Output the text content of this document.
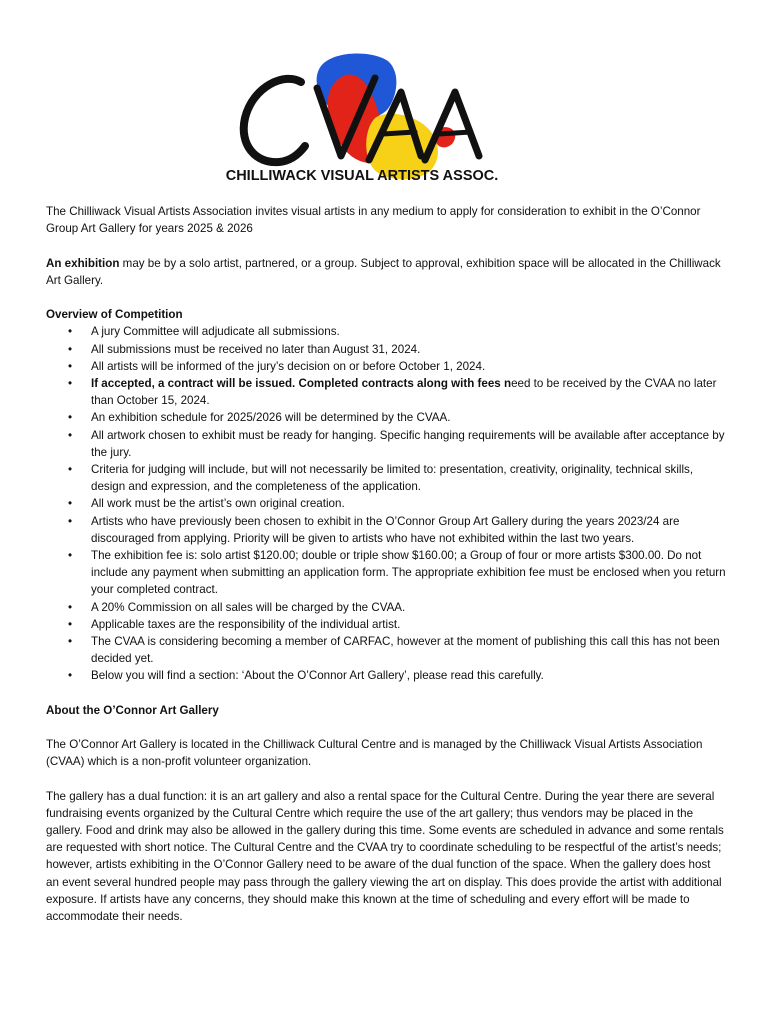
CHILLIWACK VISUAL ARTISTS ASSOC.

The Chilliwack Visual Artists Association invites visual artists in any medium to apply for consideration to exhibit in the O’Connor Group Art Gallery for years 2025 & 2026

An exhibition may be by a solo artist, partnered, or a group. Subject to approval, exhibition space will be allocated in the Chilliwack Art Gallery.

Overview of Competition
• A jury Committee will adjudicate all submissions.
• All submissions must be received no later than August 31, 2024.
• All artists will be informed of the jury’s decision on or before October 1, 2024.
• If accepted, a contract will be issued. Completed contracts along with fees need to be received by the CVAA no later than October 15, 2024.
• An exhibition schedule for 2025/2026 will be determined by the CVAA.
• All artwork chosen to exhibit must be ready for hanging. Specific hanging requirements will be available after acceptance by the jury.
• Criteria for judging will include, but will not necessarily be limited to: presentation, creativity, originality, technical skills, design and expression, and the completeness of the application.
• All work must be the artist’s own original creation.
• Artists who have previously been chosen to exhibit in the O’Connor Group Art Gallery during the years 2023/24 are discouraged from applying. Priority will be given to artists who have not exhibited within the last two years.
• The exhibition fee is: solo artist $120.00; double or triple show $160.00; a Group of four or more artists $300.00. Do not include any payment when submitting an application form. The appropriate exhibition fee must be enclosed when you return your completed contract.
• A 20% Commission on all sales will be charged by the CVAA.
• Applicable taxes are the responsibility of the individual artist.
• The CVAA is considering becoming a member of CARFAC, however at the moment of publishing this call this has not been decided yet.
• Below you will find a section: ‘About the O’Connor Art Gallery’, please read this carefully.

About the O’Connor Art Gallery

The O’Connor Art Gallery is located in the Chilliwack Cultural Centre and is managed by the Chilliwack Visual Artists Association (CVAA) which is a non-profit volunteer organization.

The gallery has a dual function: it is an art gallery and also a rental space for the Cultural Centre. During the year there are several fundraising events organized by the Cultural Centre which require the use of the art gallery; thus vendors may be placed in the gallery. Food and drink may also be allowed in the gallery during this time. Some events are scheduled in advance and some rentals are requested with short notice. The Cultural Centre and the CVAA try to coordinate scheduling to be respectful of the artist’s needs; however, artists exhibiting in the O’Connor Gallery need to be aware of the dual function of the space. When the gallery does host an event several hundred people may pass through the gallery viewing the art on display. This does provide the artist with additional exposure. If artists have any concerns, they should make this known at the time of scheduling and every effort will be made to accommodate their needs.
